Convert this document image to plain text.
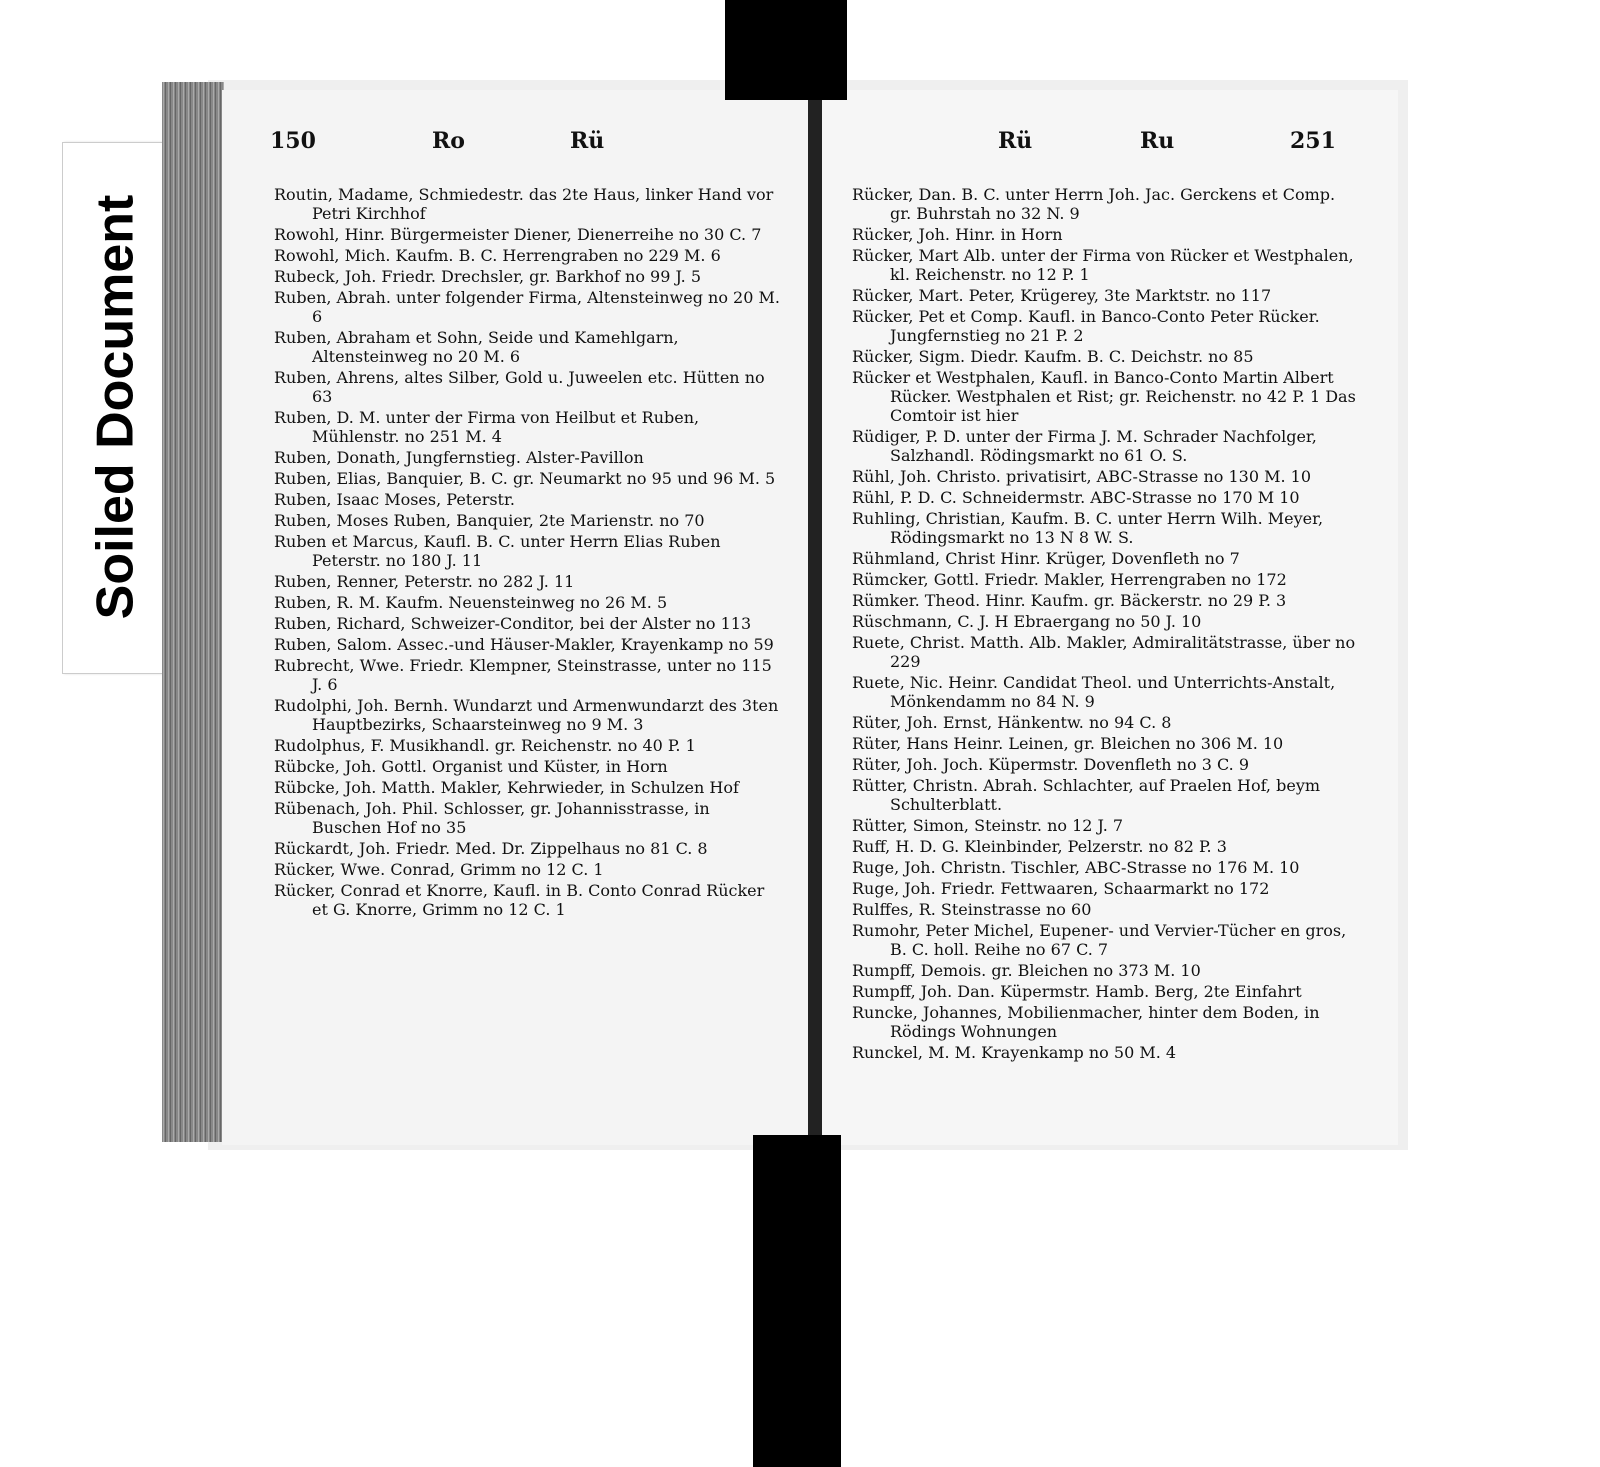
Soiled Document
150	Ro	Rü	Rü	Ru	251
Routin, Madame, Schmiedestr. das 2te Haus, linker Hand vor Petri Kirchhof
Rowohl, Hinr. Bürgermeister Diener, Dienerreihe no 30 C. 7
Rowohl, Mich. Kaufm. B. C. Herrengraben no 229 M. 6
Rubeck, Joh. Friedr. Drechsler, gr. Barkhof no 99 J. 5
Ruben, Abrah. unter folgender Firma, Altensteinweg no 20 M. 6
Ruben, Abraham et Sohn, Seide und Kamehlgarn, Altensteinweg no 20 M. 6
Ruben, Ahrens, altes Silber, Gold u. Juweelen etc. Hütten no 63
Ruben, D. M. unter der Firma von Heilbut et Ruben, Mühlenstr. no 251 M. 4
Ruben, Donath, Jungfernstieg. Alster-Pavillon
Ruben, Elias, Banquier, B. C. gr. Neumarkt no 95 und 96 M. 5
Ruben, Isaac Moses, Peterstr.
Ruben, Moses Ruben, Banquier, 2te Marienstr. no 70
Ruben et Marcus, Kaufl. B. C. unter Herrn Elias Ruben Peterstr. no 180 J. 11
Ruben, Renner, Peterstr. no 282 J. 11
Ruben, R. M. Kaufm. Neuensteinweg no 26 M. 5
Ruben, Richard, Schweizer-Conditor, bei der Alster no 113
Ruben, Salom. Assec.-und Häuser-Makler, Krayenkamp no 59
Rubrecht, Wwe. Friedr. Klempner, Steinstrasse, unter no 115 J. 6
Rudolphi, Joh. Bernh. Wundarzt und Armenwundarzt des 3ten Hauptbezirks, Schaarsteinweg no 9 M. 3
Rudolphus, F. Musikhandl. gr. Reichenstr. no 40 P. 1
Rübcke, Joh. Gottl. Organist und Küster, in Horn
Rübcke, Joh. Matth. Makler, Kehrwieder, in Schulzen Hof
Rübenach, Joh. Phil. Schlosser, gr. Johannisstrasse, in Buschen Hof no 35
Rückardt, Joh. Friedr. Med. Dr. Zippelhaus no 81 C. 8
Rücker, Wwe. Conrad, Grimm no 12 C. 1
Rücker, Conrad et Knorre, Kaufl. in B. Conto Conrad Rücker et G. Knorre, Grimm no 12 C. 1
Rücker, Dan. B. C. unter Herrn Joh. Jac. Gerckens et Comp. gr. Buhrstah no 32 N. 9
Rücker, Joh. Hinr. in Horn
Rücker, Mart Alb. unter der Firma von Rücker et Westphalen, kl. Reichenstr. no 12 P. 1
Rücker, Mart. Peter, Krügerey, 3te Marktstr. no 117
Rücker, Pet et Comp. Kaufl. in Banco-Conto Peter Rücker. Jungfernstieg no 21 P. 2
Rücker, Sigm. Diedr. Kaufm. B. C. Deichstr. no 85
Rücker et Westphalen, Kaufl. in Banco-Conto Martin Albert Rücker. Westphalen et Rist; gr. Reichenstr. no 42 P. 1 Das Comtoir ist hier
Rüdiger, P. D. unter der Firma J. M. Schrader Nachfolger, Salzhandl. Rödingsmarkt no 61 O. S.
Rühl, Joh. Christo. privatisirt, ABC-Strasse no 130 M. 10
Rühl, P. D. C. Schneidermstr. ABC-Strasse no 170 M 10
Ruhling, Christian, Kaufm. B. C. unter Herrn Wilh. Meyer, Rödingsmarkt no 13 N 8 W. S.
Rühmland, Christ Hinr. Krüger, Dovenfleth no 7
Rümcker, Gottl. Friedr. Makler, Herrengraben no 172
Rümker. Theod. Hinr. Kaufm. gr. Bäckerstr. no 29 P. 3
Rüschmann, C. J. H Ebraergang no 50 J. 10
Ruete, Christ. Matth. Alb. Makler, Admiralitätstrasse, über no 229
Ruete, Nic. Heinr. Candidat Theol. und Unterrichts-Anstalt, Mönkendamm no 84 N. 9
Rüter, Joh. Ernst, Hänkentw. no 94 C. 8
Rüter, Hans Heinr. Leinen, gr. Bleichen no 306 M. 10
Rüter, Joh. Joch. Küpermstr. Dovenfleth no 3 C. 9
Rütter, Christn. Abrah. Schlachter, auf Praelen Hof, beym Schulterblatt.
Rütter, Simon, Steinstr. no 12 J. 7
Ruff, H. D. G. Kleinbinder, Pelzerstr. no 82 P. 3
Ruge, Joh. Christn. Tischler, ABC-Strasse no 176 M. 10
Ruge, Joh. Friedr. Fettwaaren, Schaarmarkt no 172
Rulffes, R. Steinstrasse no 60
Rumohr, Peter Michel, Eupener- und Vervier-Tücher en gros, B. C. holl. Reihe no 67 C. 7
Rumpff, Demois. gr. Bleichen no 373 M. 10
Rumpff, Joh. Dan. Küpermstr. Hamb. Berg, 2te Einfahrt
Runcke, Johannes, Mobilienmacher, hinter dem Boden, in Rödings Wohnungen
Runckel, M. M. Krayenkamp no 50 M. 4
